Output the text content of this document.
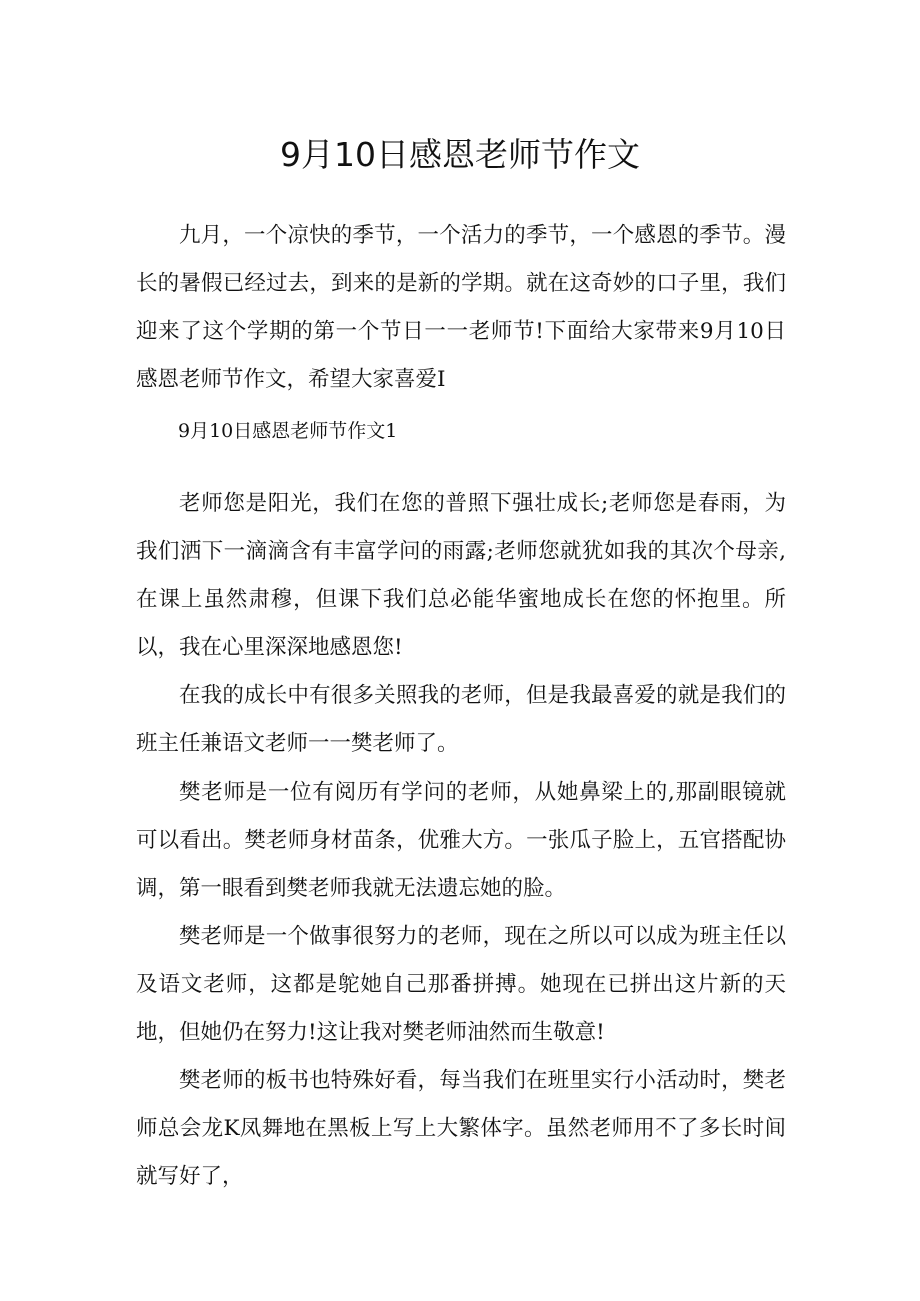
9月10日感恩老师节作文

九月，一个凉快的季节，一个活力的季节，一个感恩的季节。漫长的暑假已经过去，到来的是新的学期。就在这奇妙的口子里，我们迎来了这个学期的第一个节日一一老师节!下面给大家带来9月10日感恩老师节作文，希望大家喜爱I

9月10日感恩老师节作文1

老师您是阳光，我们在您的普照下强壮成长;老师您是春雨，为我们洒下一滴滴含有丰富学问的雨露;老师您就犹如我的其次个母亲,在课上虽然肃穆，但课下我们总必能华蜜地成长在您的怀抱里。所以，我在心里深深地感恩您!

在我的成长中有很多关照我的老师，但是我最喜爱的就是我们的班主任兼语文老师一一樊老师了。

樊老师是一位有阅历有学问的老师，从她鼻梁上的,那副眼镜就可以看出。樊老师身材苗条，优雅大方。一张瓜子脸上，五官搭配协调，第一眼看到樊老师我就无法遗忘她的脸。

樊老师是一个做事很努力的老师，现在之所以可以成为班主任以及语文老师，这都是鸵她自己那番拼搏。她现在已拼出这片新的天地，但她仍在努力!这让我对樊老师油然而生敬意!

樊老师的板书也特殊好看，每当我们在班里实行小活动时，樊老师总会龙K凤舞地在黑板上写上大繁体字。虽然老师用不了多长时间就写好了，
